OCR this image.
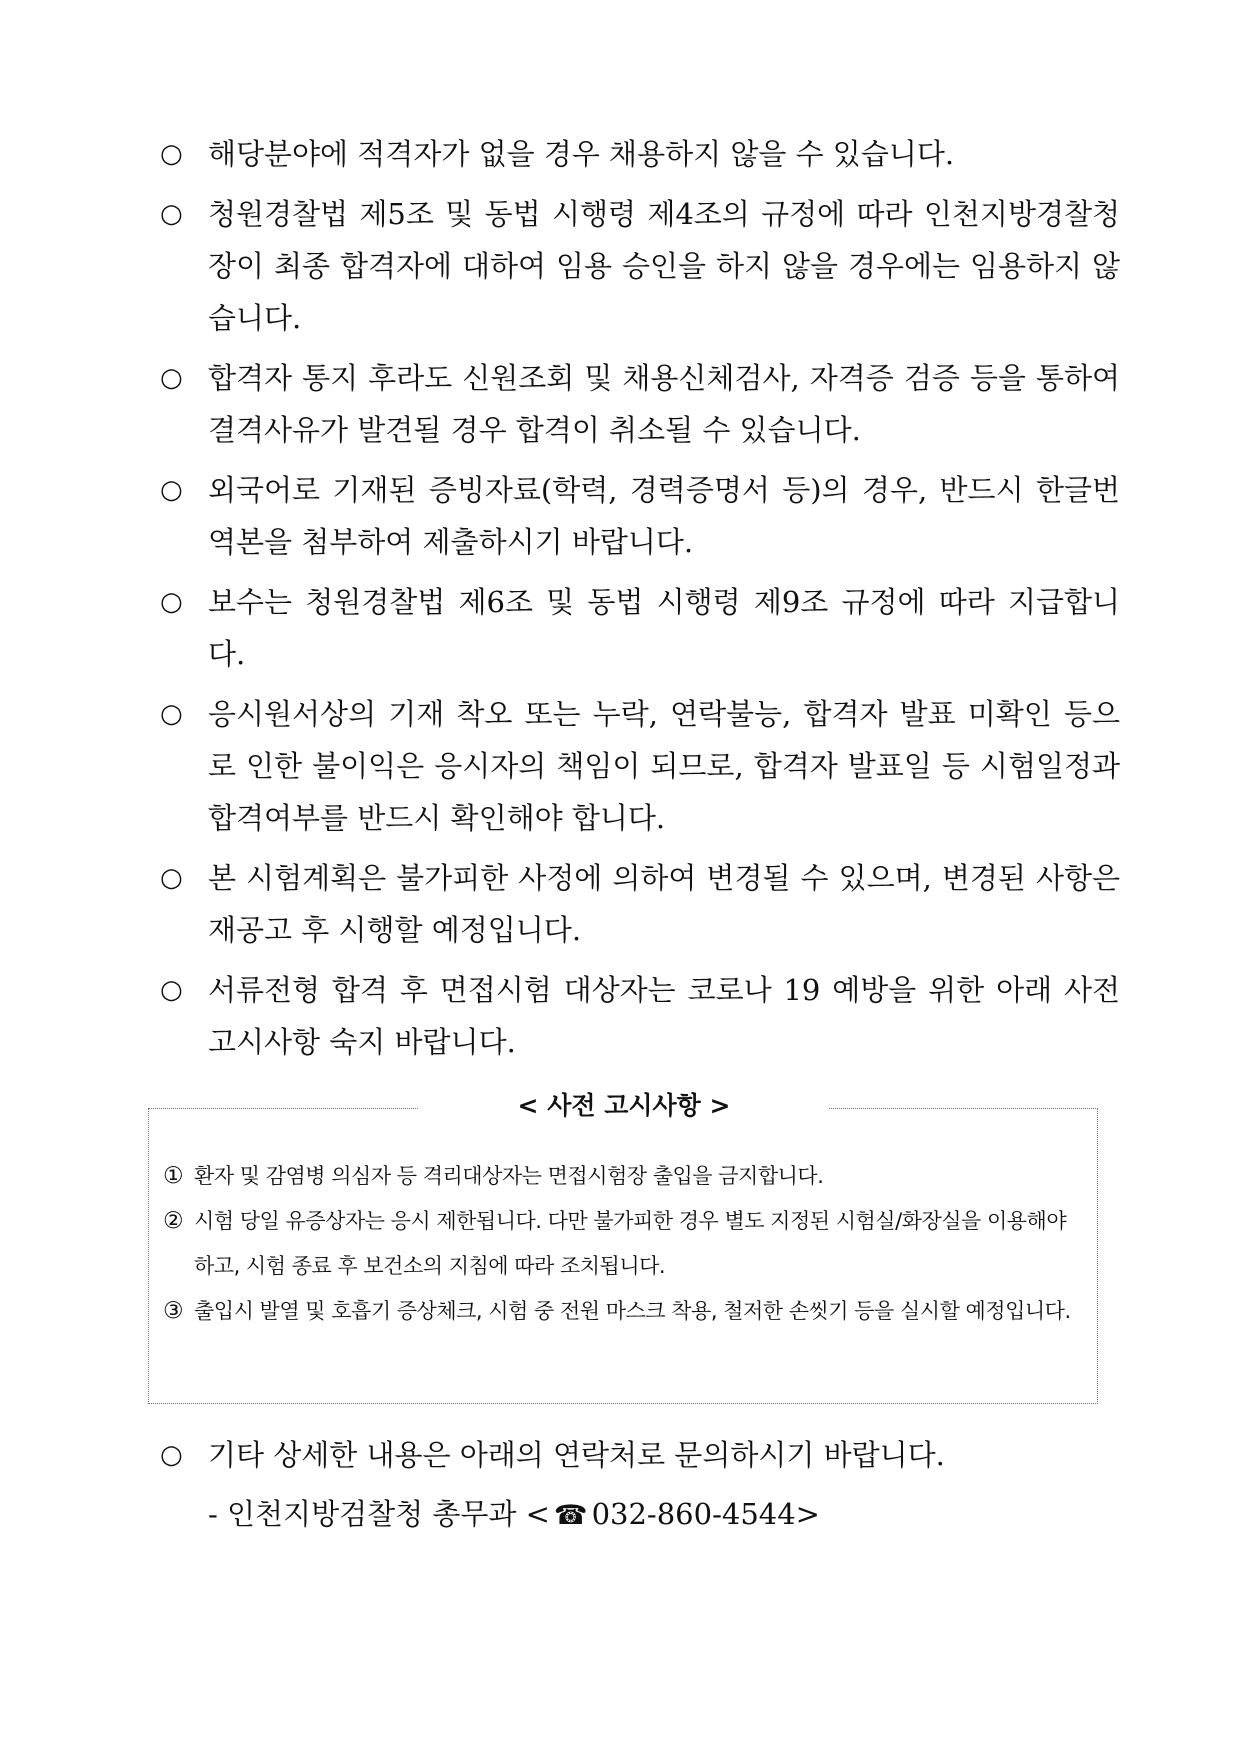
○ 해당분야에 적격자가 없을 경우 채용하지 않을 수 있습니다.
○ 청원경찰법 제5조 및 동법 시행령 제4조의 규정에 따라 인천지방경찰청장이 최종 합격자에 대하여 임용 승인을 하지 않을 경우에는 임용하지 않습니다.
○ 합격자 통지 후라도 신원조회 및 채용신체검사, 자격증 검증 등을 통하여 결격사유가 발견될 경우 합격이 취소될 수 있습니다.
○ 외국어로 기재된 증빙자료(학력, 경력증명서 등)의 경우, 반드시 한글번역본을 첨부하여 제출하시기 바랍니다.
○ 보수는 청원경찰법 제6조 및 동법 시행령 제9조 규정에 따라 지급합니다.
○ 응시원서상의 기재 착오 또는 누락, 연락불능, 합격자 발표 미확인 등으로 인한 불이익은 응시자의 책임이 되므로, 합격자 발표일 등 시험일정과 합격여부를 반드시 확인해야 합니다.
○ 본 시험계획은 불가피한 사정에 의하여 변경될 수 있으며, 변경된 사항은 재공고 후 시행할 예정입니다.
○ 서류전형 합격 후 면접시험 대상자는 코로나 19 예방을 위한 아래 사전 고시사항 숙지 바랍니다.
< 사전 고시사항 >
① 환자 및 감염병 의심자 등 격리대상자는 면접시험장 출입을 금지합니다.
② 시험 당일 유증상자는 응시 제한됩니다. 다만 불가피한 경우 별도 지정된 시험실/화장실을 이용해야 하고, 시험 종료 후 보건소의 지침에 따라 조치됩니다.
③ 출입시 발열 및 호흡기 증상체크, 시험 중 전원 마스크 착용, 철저한 손씻기 등을 실시할 예정입니다.
○ 기타 상세한 내용은 아래의 연락처로 문의하시기 바랍니다.
- 인천지방검찰청 총무과 < ☎ 032-860-4544>
